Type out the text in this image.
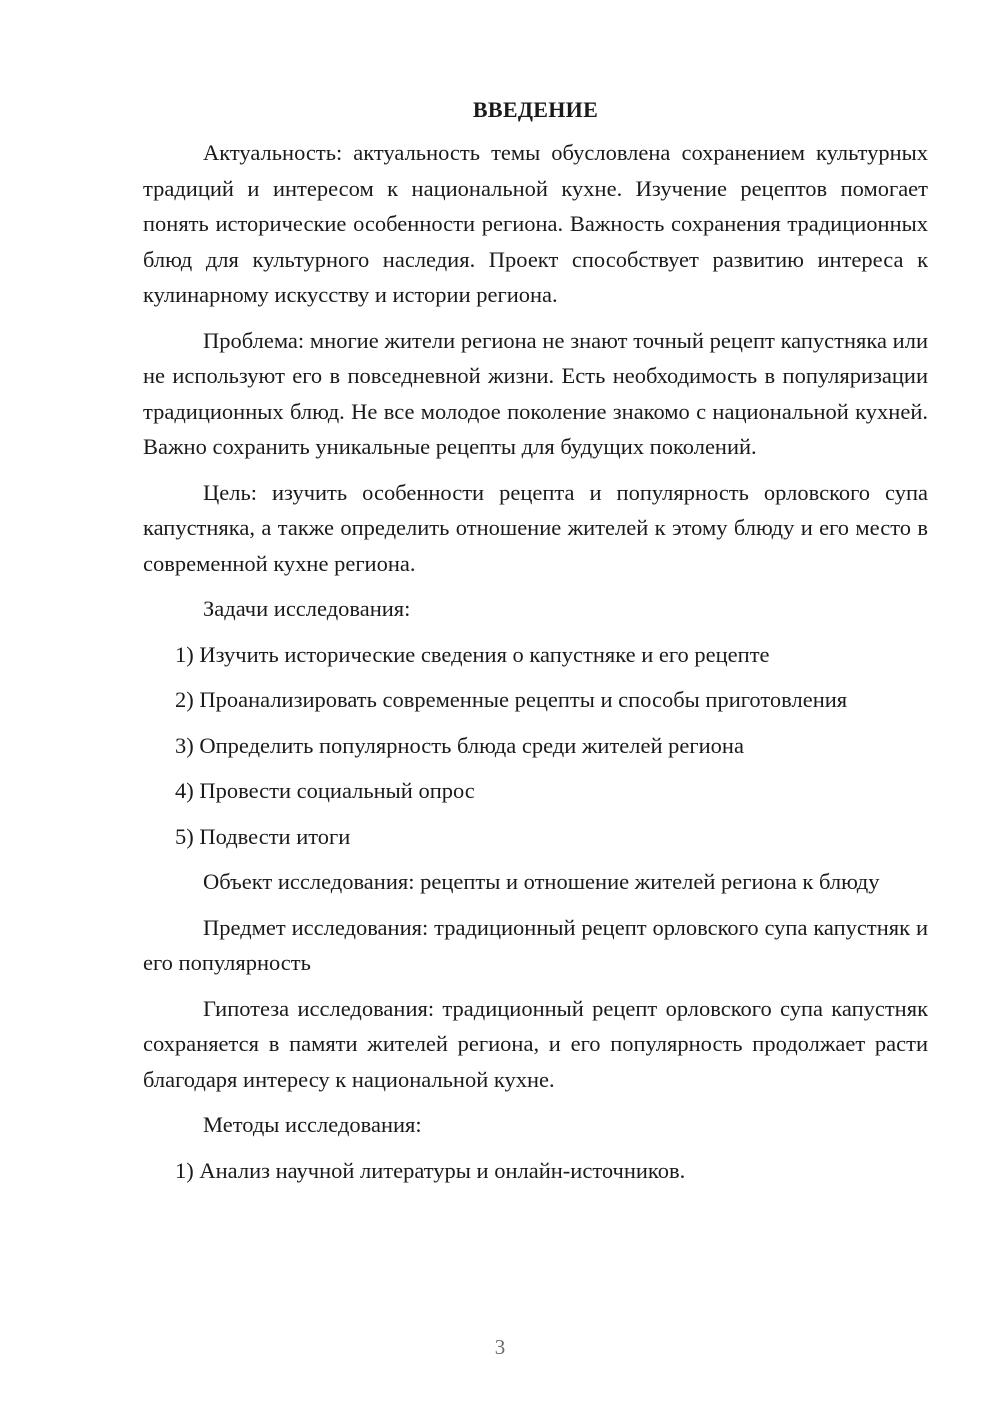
ВВЕДЕНИЕ
Актуальность: актуальность темы обусловлена сохранением культурных традиций и интересом к национальной кухне. Изучение рецептов помогает понять исторические особенности региона. Важность сохранения традиционных блюд для культурного наследия. Проект способствует развитию интереса к кулинарному искусству и истории региона.
Проблема: многие жители региона не знают точный рецепт капустняка или не используют его в повседневной жизни. Есть необходимость в популяризации традиционных блюд. Не все молодое поколение знакомо с национальной кухней. Важно сохранить уникальные рецепты для будущих поколений.
Цель: изучить особенности рецепта и популярность орловского супа капустняка, а также определить отношение жителей к этому блюду и его место в современной кухне региона.
Задачи исследования:
1) Изучить исторические сведения о капустняке и его рецепте
2) Проанализировать современные рецепты и способы приготовления
3) Определить популярность блюда среди жителей региона
4) Провести социальный опрос
5) Подвести итоги
Объект исследования: рецепты и отношение жителей региона к блюду
Предмет исследования: традиционный рецепт орловского супа капустняк и его популярность
Гипотеза исследования: традиционный рецепт орловского супа капустняк сохраняется в памяти жителей региона, и его популярность продолжает расти благодаря интересу к национальной кухне.
Методы исследования:
1) Анализ научной литературы и онлайн-источников.
3
